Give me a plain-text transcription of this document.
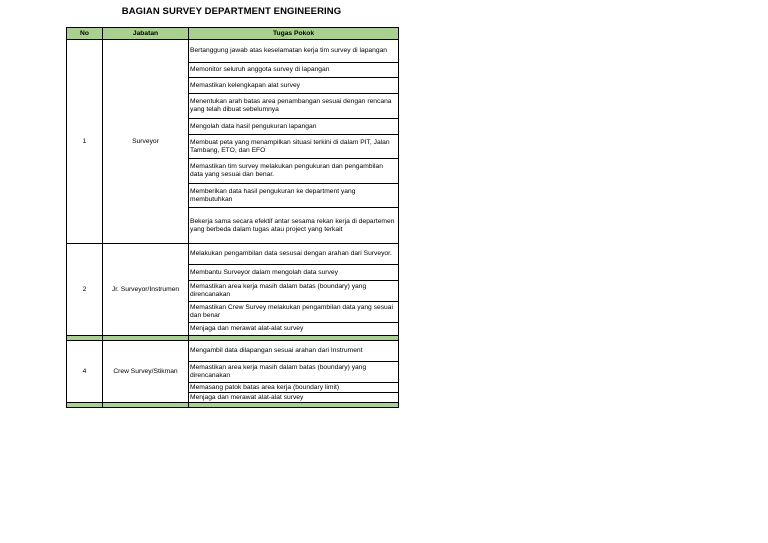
BAGIAN SURVEY DEPARTMENT ENGINEERING
No	Jabatan	Tugas Pokok
1	Surveyor	Bertanggung jawab atas keselamatan kerja tim survey di lapangan
		Memonitor seluruh anggota survey di lapangan
		Memastikan kelengkapan alat survey
		Menentukan arah batas area penambangan sesuai dengan rencana yang telah dibuat sebelumnya
		Mengolah data hasil pengukuran lapangan
		Membuat peta yang menampilkan situasi terkini di dalam PIT, Jalan Tambang, ETO, dan EFO
		Memastikan tim survey melakukan pengukuran dan pengambilan data yang sesuai dan benar.
		Memberikan data hasil pengukuran ke department yang membutuhkan
		Bekerja sama secara efektif antar sesama rekan kerja di departemen yang berbeda dalam tugas atau project yang terkait
2	Jr. Surveyor/Instrumen	Melakukan pengambilan data sesusai dengan arahan dari Surveyor.
		Membantu Surveyor dalam mengolah data survey
		Memastikan area kerja masih dalam batas (boundary) yang direncanakan
		Memastikan Crew Survey melakukan pengambilan data yang sesuai dan benar
		Menjaga dan merawat alat-alat survey

4	Crew Survey/Stikman	Mengambil data dilapangan sesuai arahan dari Instrument
		Memastikan area kerja masih dalam batas (boundary) yang direncanakan
		Memasang patok batas area kerja (boundary limit)
		Menjaga dan merawat alat-alat survey
